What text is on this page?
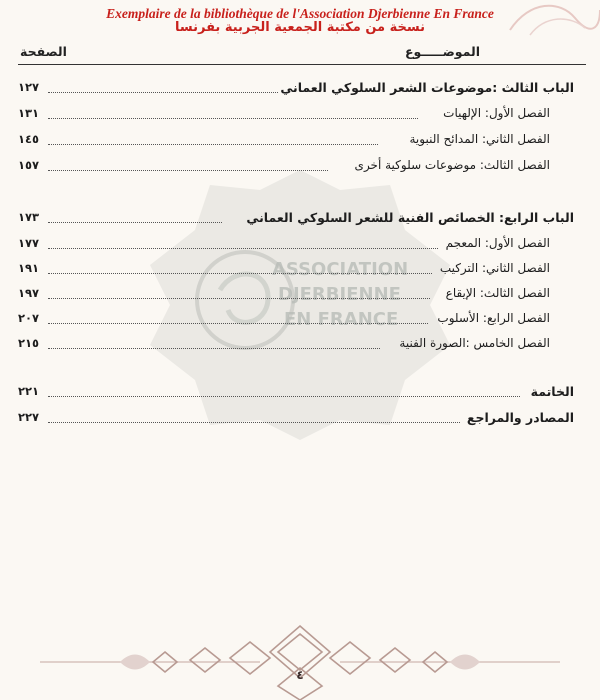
Exemplaire de la bibliothèque de l'Association Djerbienne En France
نسخة من مكتبة الجمعية الجربية بفرنسا
الموضـــــوع
الصفحة
ASSOCIATION
DJERBIENNE
EN FRANCE
الباب الثالث :موضوعات الشعر السلوكي العماني
١٢٧
الفصل الأول: الإلهيات
١٣١
الفصل الثاني: المدائح النبوية
١٤٥
الفصل الثالث: موضوعات سلوكية أخرى
١٥٧
الباب الرابع: الخصائص الفنية للشعر السلوكي العماني
١٧٣
الفصل الأول: المعجم
١٧٧
الفصل الثاني: التركيب
١٩١
الفصل الثالث: الإيقاع
١٩٧
الفصل الرابع: الأسلوب
٢٠٧
الفصل الخامس :الصورة الفنية
٢١٥
الخاتمة
٢٢١
المصادر والمراجع
٢٢٧
٤
